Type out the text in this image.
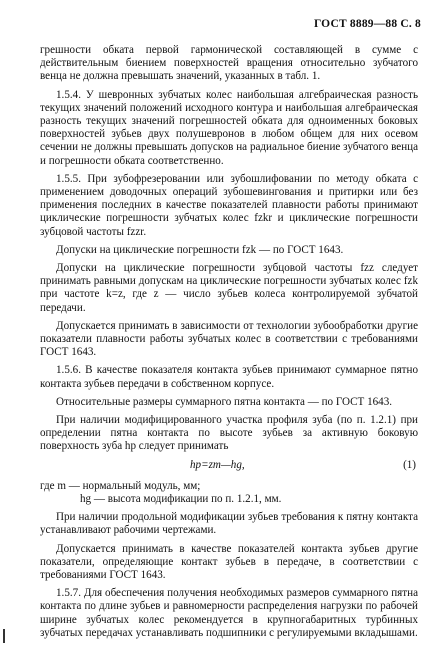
ГОСТ 8889—88 С. 8

грешности обката первой гармонической составляющей в сумме с действительным биением поверхностей вращения относительно зубчатого венца не должна превышать значений, указанных в табл. 1.

1.5.4. У шевронных зубчатых колес наибольшая алгебраическая разность текущих значений положений исходного контура и наибольшая алгебраическая разность текущих значений погрешностей обката для одноименных боковых поверхностей зубьев двух полушевронов в любом общем для них осевом сечении не должны превышать допусков на радиальное биение зубчатого венца и погрешности обката соответственно.

1.5.5. При зубофрезеровании или зубошлифовании по методу обката с применением доводочных операций зубошевингования и притирки или без применения последних в качестве показателей плавности работы принимают циклические погрешности зубчатых колес fzkr и циклические погрешности зубцовой частоты fzzr.

Допуски на циклические погрешности fzk — по ГОСТ 1643.

Допуски на циклические погрешности зубцовой частоты fzz следует принимать равными допускам на циклические погрешности зубчатых колес fzk при частоте k=z, где z — число зубьев колеса контролируемой зубчатой передачи.

Допускается принимать в зависимости от технологии зубообработки другие показатели плавности работы зубчатых колес в соответствии с требованиями ГОСТ 1643.

1.5.6. В качестве показателя контакта зубьев принимают суммарное пятно контакта зубьев передачи в собственном корпусе.

Относительные размеры суммарного пятна контакта — по ГОСТ 1643.

При наличии модифицированного участка профиля зуба (по п. 1.2.1) при определении пятна контакта по высоте зубьев за активную боковую поверхность зуба hp следует принимать

hp=zm—hg,	(1)

где m — нормальный модуль, мм;

hg — высота модификации по п. 1.2.1, мм.

При наличии продольной модификации зубьев требования к пятну контакта устанавливают рабочими чертежами.

Допускается принимать в качестве показателей контакта зубьев другие показатели, определяющие контакт зубьев в передаче, в соответствии с требованиями ГОСТ 1643.

1.5.7. Для обеспечения получения необходимых размеров суммарного пятна контакта по длине зубьев и равномерности распределения нагрузки по рабочей ширине зубчатых колес рекомендуется в крупногабаритных турбинных зубчатых передачах устанавливать подшипники с регулируемыми вкладышами.
